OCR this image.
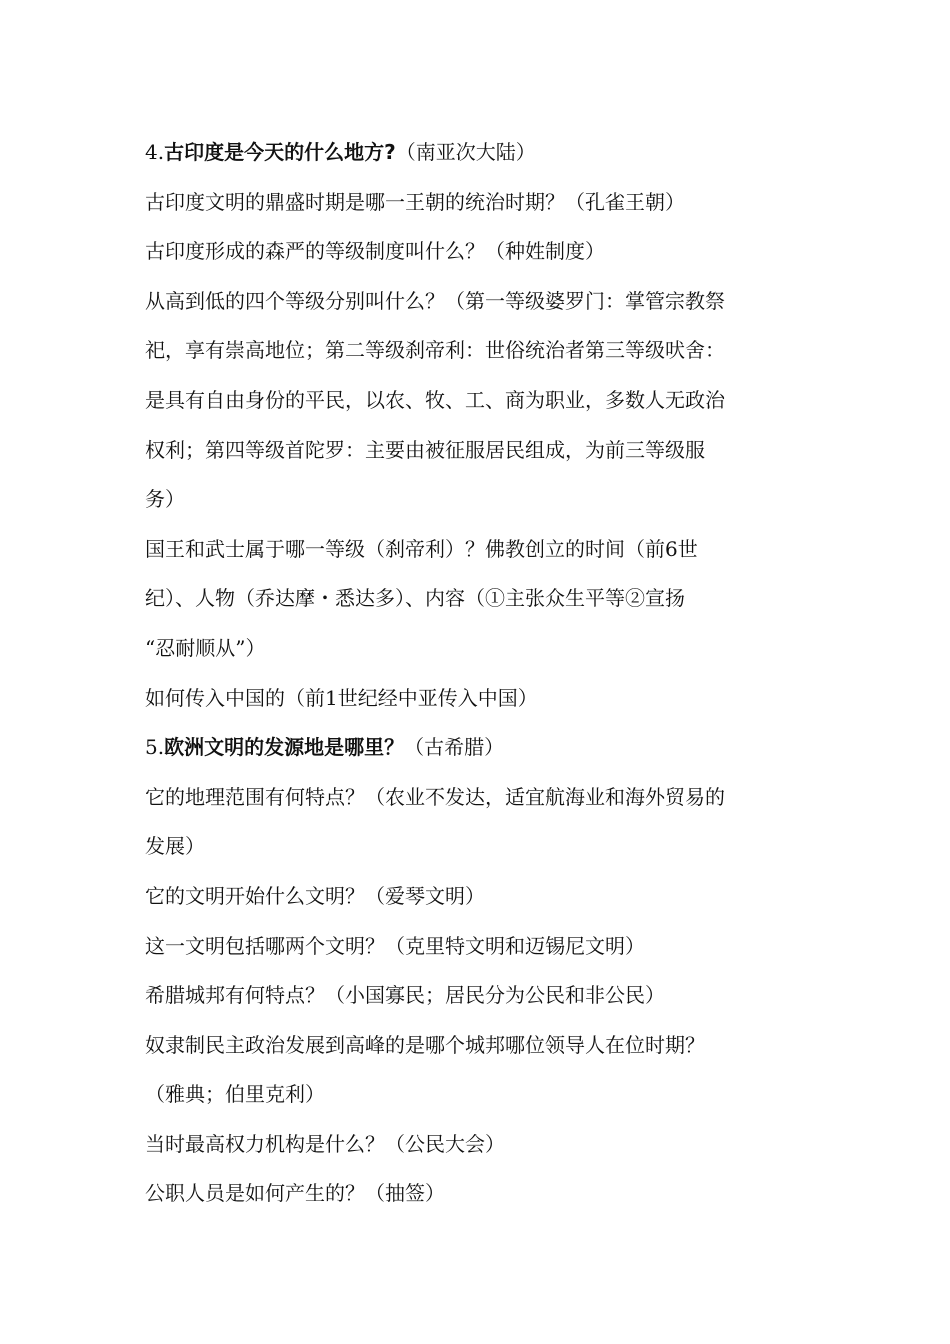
4.古印度是今天的什么地方?（南亚次大陆）
古印度文明的鼎盛时期是哪一王朝的统治时期？（孔雀王朝）
古印度形成的森严的等级制度叫什么？（种姓制度）
从高到低的四个等级分别叫什么？（第一等级婆罗门：掌管宗教祭
祀，享有崇高地位；第二等级刹帝利：世俗统治者第三等级吠舍：
是具有自由身份的平民，以农、牧、工、商为职业，多数人无政治
权利；第四等级首陀罗：主要由被征服居民组成，为前三等级服
务）
国王和武士属于哪一等级（刹帝利）？佛教创立的时间（前6世
纪）、人物（乔达摩・悉达多）、内容（①主张众生平等②宣扬
“忍耐顺从”）
如何传入中国的（前1世纪经中亚传入中国）
5.欧洲文明的发源地是哪里？（古希腊）
它的地理范围有何特点？（农业不发达，适宜航海业和海外贸易的
发展）
它的文明开始什么文明？（爱琴文明）
这一文明包括哪两个文明？（克里特文明和迈锡尼文明）
希腊城邦有何特点？（小国寡民；居民分为公民和非公民）
奴隶制民主政治发展到高峰的是哪个城邦哪位领导人在位时期？
（雅典；伯里克利）
当时最高权力机构是什么？（公民大会）
公职人员是如何产生的？（抽签）
